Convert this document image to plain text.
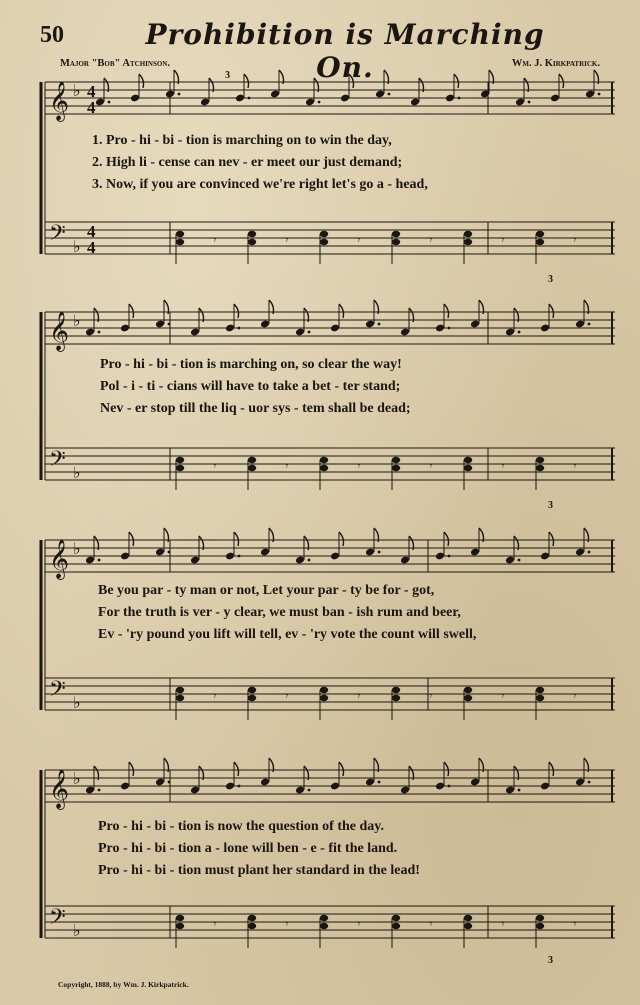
50	Prohibition is Marching On.
Major "Bob" Atchinson.	Wm. J. Kirkpatrick.
𝄞 ♭ 4
4
𝄢 ♭
4
4	𝄾	𝄾	𝄾	𝄾	𝄾	𝄾
𝄞 ♭
𝄢 ♭	𝄾	𝄾	𝄾	𝄾	𝄾	𝄾
𝄞 ♭
𝄢 ♭	𝄾	𝄾	𝄾	𝄾	𝄾	𝄾
𝄞 ♭
𝄢 ♭	𝄾	𝄾	𝄾	𝄾	𝄾	𝄾
3
3
3
3
1. Pro - hi - bi - tion is marching on to win the day,
2. High li - cense can nev - er meet our just demand;
3. Now, if you are convinced we're right let's go a - head,
Pro - hi - bi - tion is marching on, so clear the way!
Pol - i - ti - cians will have to take a bet - ter stand;
Nev - er stop till the liq - uor sys - tem shall be dead;
Be you par - ty man or not, Let your par - ty be for - got,
For the truth is ver - y clear, we must ban - ish rum and beer,
Ev - 'ry pound you lift will tell, ev - 'ry vote the count will swell,
Pro - hi - bi - tion is now the question of the day.
Pro - hi - bi - tion a - lone will ben - e - fit the land.
Pro - hi - bi - tion must plant her standard in the lead!
Copyright, 1888, by Wm. J. Kirkpatrick.
